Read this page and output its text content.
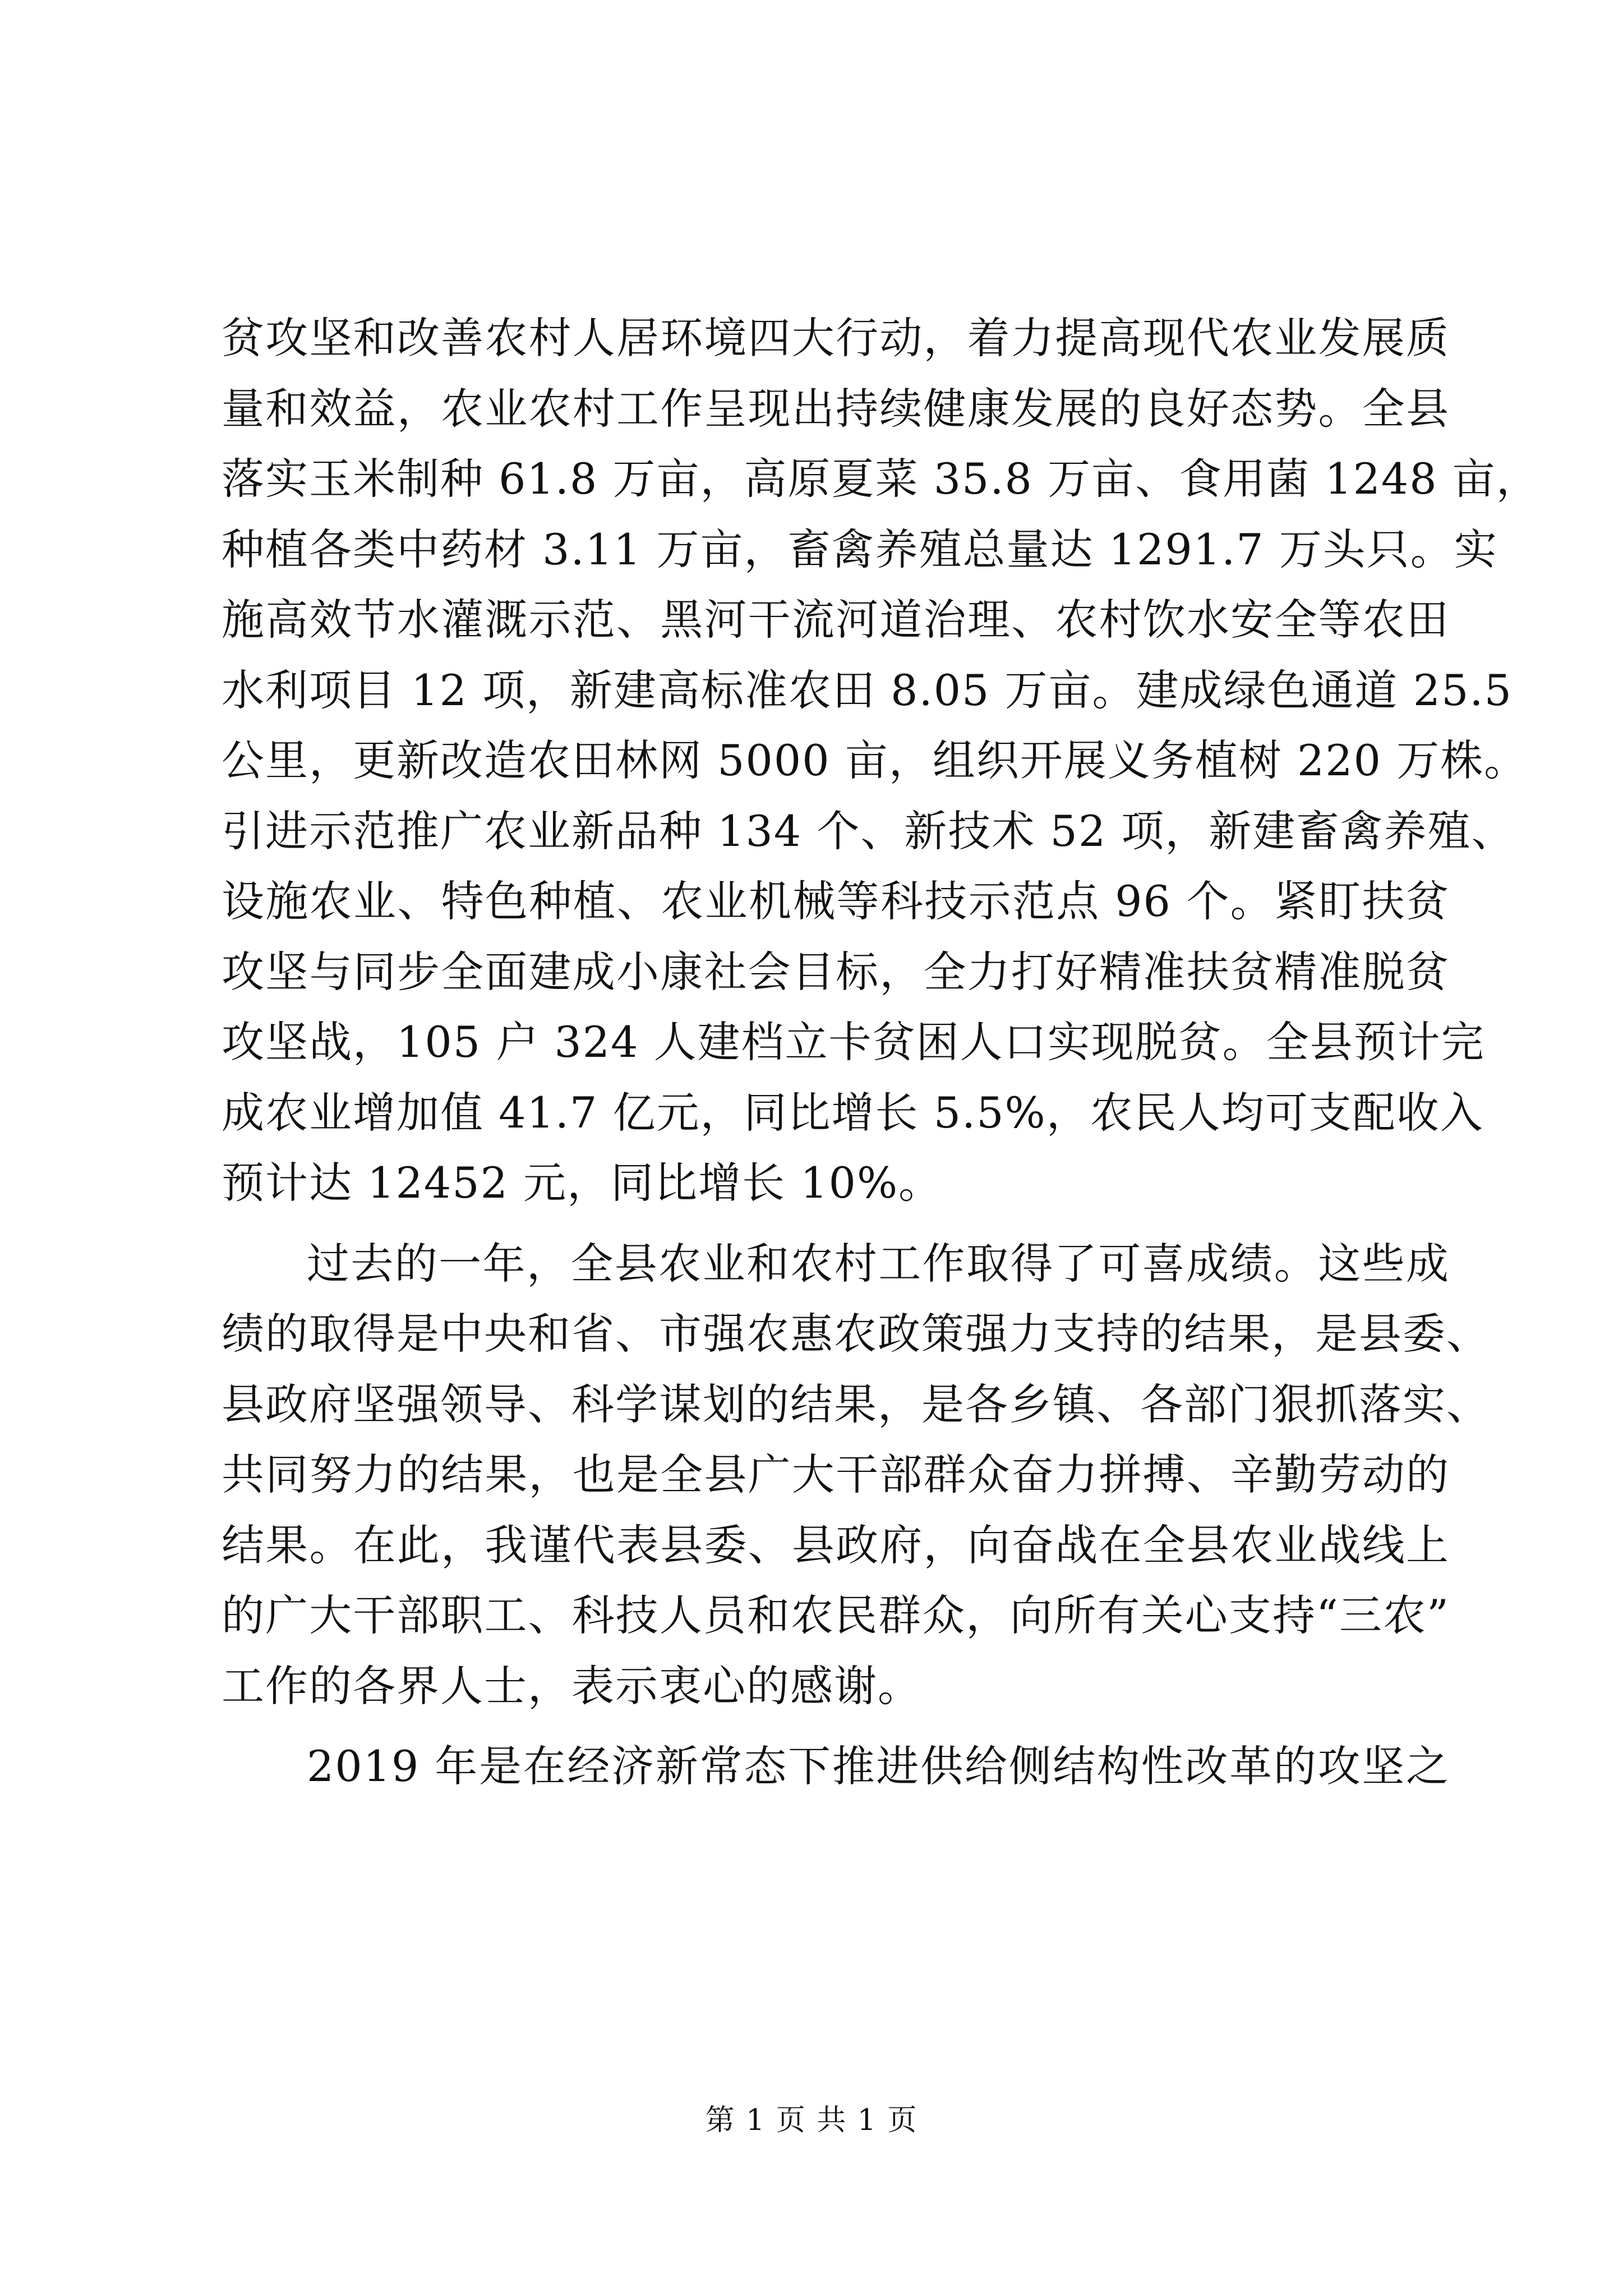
贫攻坚和改善农村人居环境四大行动，着力提高现代农业发展质
量和效益，农业农村工作呈现出持续健康发展的良好态势。全县
落实玉米制种 61.8 万亩，高原夏菜 35.8 万亩、食用菌 1248 亩，
种植各类中药材 3.11 万亩，畜禽养殖总量达 1291.7 万头只。实
施高效节水灌溉示范、黑河干流河道治理、农村饮水安全等农田
水利项目 12 项，新建高标准农田 8.05 万亩。建成绿色通道 25.5
公里，更新改造农田林网 5000 亩，组织开展义务植树 220 万株。
引进示范推广农业新品种 134 个、新技术 52 项，新建畜禽养殖、
设施农业、特色种植、农业机械等科技示范点 96 个。紧盯扶贫
攻坚与同步全面建成小康社会目标，全力打好精准扶贫精准脱贫
攻坚战，105 户 324 人建档立卡贫困人口实现脱贫。全县预计完
成农业增加值 41.7 亿元，同比增长 5.5%，农民人均可支配收入
预计达 12452 元，同比增长 10%。
过去的一年，全县农业和农村工作取得了可喜成绩。这些成
绩的取得是中央和省、市强农惠农政策强力支持的结果，是县委、
县政府坚强领导、科学谋划的结果，是各乡镇、各部门狠抓落实、
共同努力的结果，也是全县广大干部群众奋力拼搏、辛勤劳动的
结果。在此，我谨代表县委、县政府，向奋战在全县农业战线上
的广大干部职工、科技人员和农民群众，向所有关心支持“三农”
工作的各界人士，表示衷心的感谢。
2019 年是在经济新常态下推进供给侧结构性改革的攻坚之
第 1 页 共 1 页
